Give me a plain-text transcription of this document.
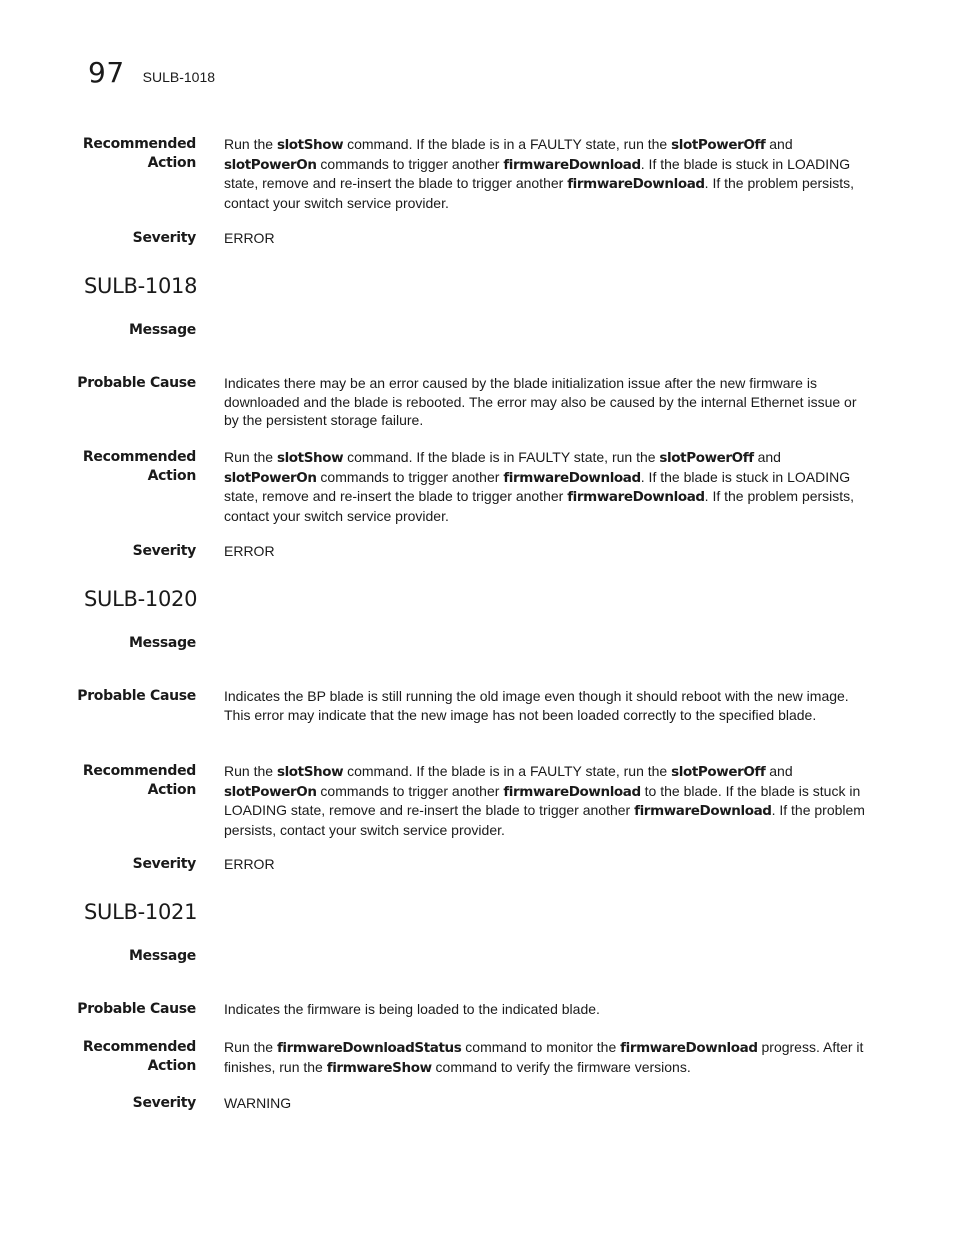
97 SULB-1018
Recommended
Action
Run the slotShow command. If the blade is in a FAULTY state, run the slotPowerOff and slotPowerOn commands to trigger another firmwareDownload. If the blade is stuck in LOADING state, remove and re-insert the blade to trigger another firmwareDownload. If the problem persists, contact your switch service provider.
Severity ERROR
SULB-1018
Message
Probable Cause Indicates there may be an error caused by the blade initialization issue after the new firmware is downloaded and the blade is rebooted. The error may also be caused by the internal Ethernet issue or by the persistent storage failure.
Recommended
Action
Run the slotShow command. If the blade is in FAULTY state, run the slotPowerOff and slotPowerOn commands to trigger another firmwareDownload. If the blade is stuck in LOADING state, remove and re-insert the blade to trigger another firmwareDownload. If the problem persists, contact your switch service provider.
Severity ERROR
SULB-1020
Message
Probable Cause Indicates the BP blade is still running the old image even though it should reboot with the new image. This error may indicate that the new image has not been loaded correctly to the specified blade.
Recommended
Action
Run the slotShow command. If the blade is in a FAULTY state, run the slotPowerOff and slotPowerOn commands to trigger another firmwareDownload to the blade. If the blade is stuck in LOADING state, remove and re-insert the blade to trigger another firmwareDownload. If the problem persists, contact your switch service provider.
Severity ERROR
SULB-1021
Message
Probable Cause Indicates the firmware is being loaded to the indicated blade.
Recommended
Action
Run the firmwareDownloadStatus command to monitor the firmwareDownload progress. After it finishes, run the firmwareShow command to verify the firmware versions.
Severity WARNING
